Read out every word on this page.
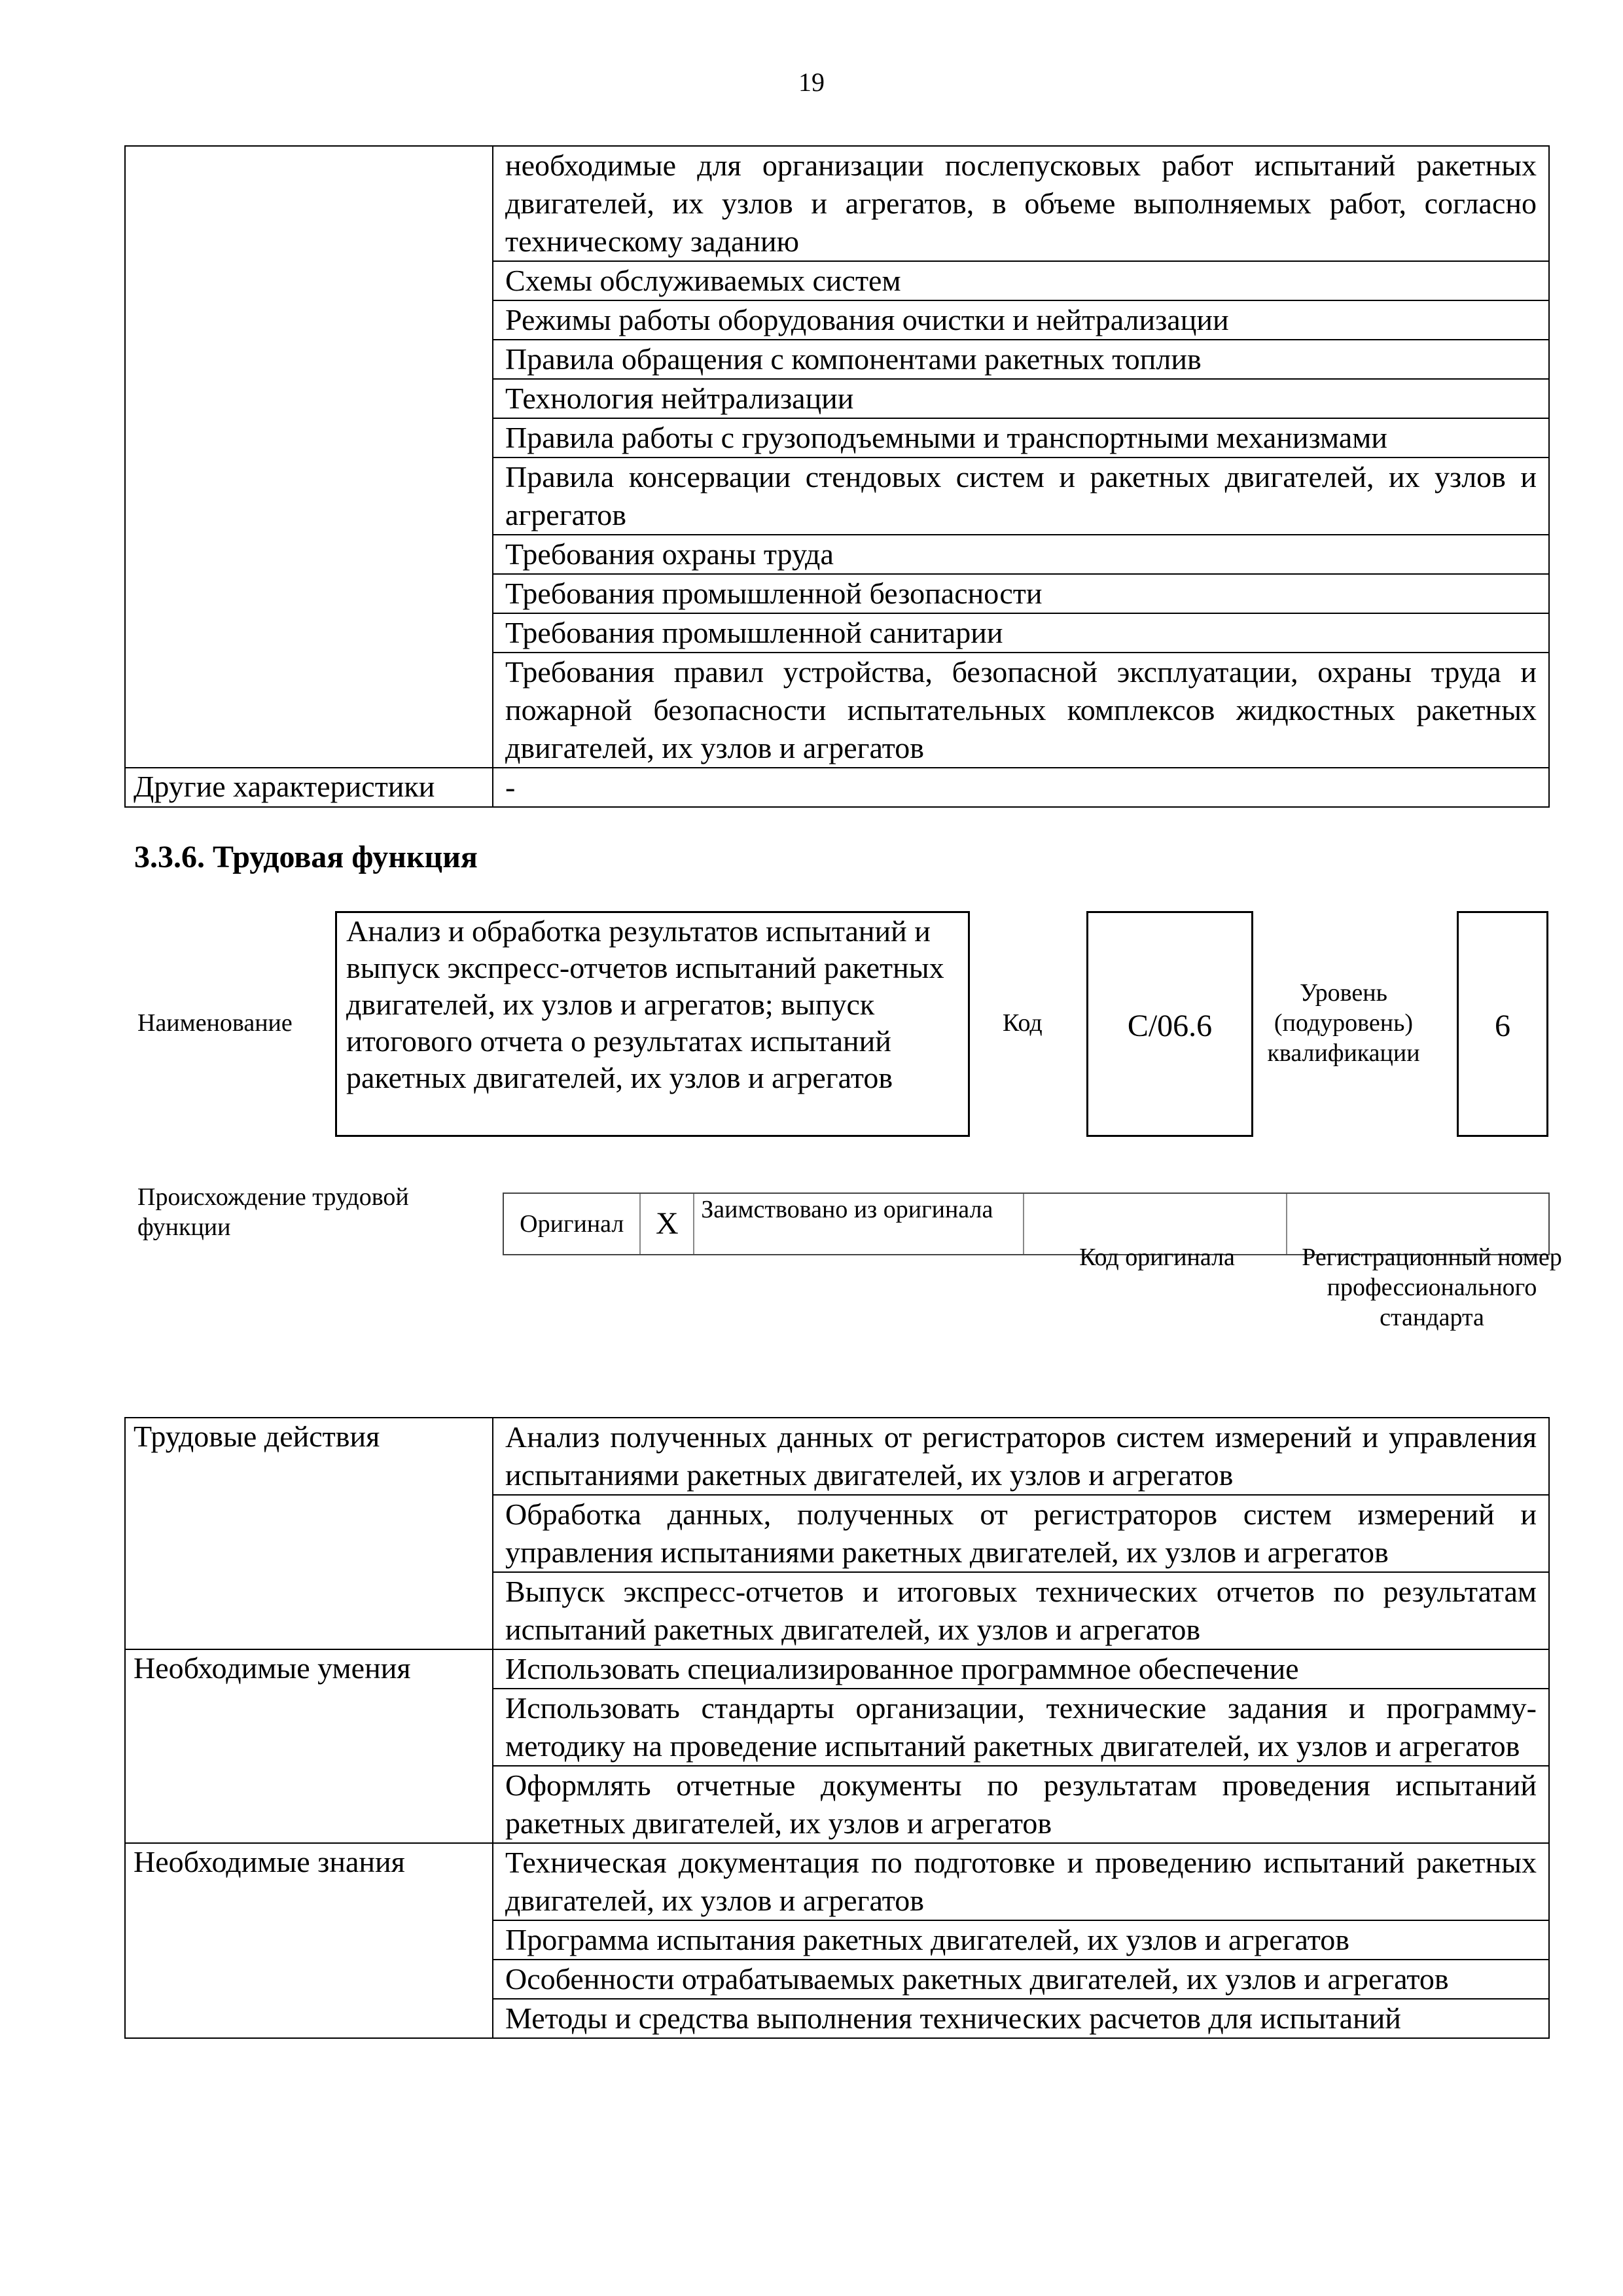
19
	необходимые для организации послепусковых работ испытаний ракетных двигателей, их узлов и агрегатов, в объеме выполняемых работ, согласно техническому заданию
	Схемы обслуживаемых систем
	Режимы работы оборудования очистки и нейтрализации
	Правила обращения с компонентами ракетных топлив
	Технология нейтрализации
	Правила работы с грузоподъемными и транспортными механизмами
	Правила консервации стендовых систем и ракетных двигателей, их узлов и агрегатов
	Требования охраны труда
	Требования промышленной безопасности
	Требования промышленной санитарии
	Требования правил устройства, безопасной эксплуатации, охраны труда и пожарной безопасности испытательных комплексов жидкостных ракетных двигателей, их узлов и агрегатов
Другие характеристики	-
3.3.6. Трудовая функция
Наименование
Анализ и обработка результатов испытаний и выпуск экспресс-отчетов испытаний ракетных двигателей, их узлов и агрегатов; выпуск итогового отчета о результатах испытаний ракетных двигателей, их узлов и агрегатов
Код	C/06.6
Уровень (подуровень) квалификации
6
Происхождение трудовой функции	Оригинал	X Заимствовано из оригинала
Код оригинала	Регистрационный номер профессионального стандарта
Трудовые действия	Анализ полученных данных от регистраторов систем измерений и управления испытаниями ракетных двигателей, их узлов и агрегатов
	Обработка данных, полученных от регистраторов систем измерений и управления испытаниями ракетных двигателей, их узлов и агрегатов
	Выпуск экспресс-отчетов и итоговых технических отчетов по результатам испытаний ракетных двигателей, их узлов и агрегатов
Необходимые умения	Использовать специализированное программное обеспечение
	Использовать стандарты организации, технические задания и программу-методику на проведение испытаний ракетных двигателей, их узлов и агрегатов
	Оформлять отчетные документы по результатам проведения испытаний ракетных двигателей, их узлов и агрегатов
Необходимые знания	Техническая документация по подготовке и проведению испытаний ракетных двигателей, их узлов и агрегатов
	Программа испытания ракетных двигателей, их узлов и агрегатов
	Особенности отрабатываемых ракетных двигателей, их узлов и агрегатов
	Методы и средства выполнения технических расчетов для испытаний
